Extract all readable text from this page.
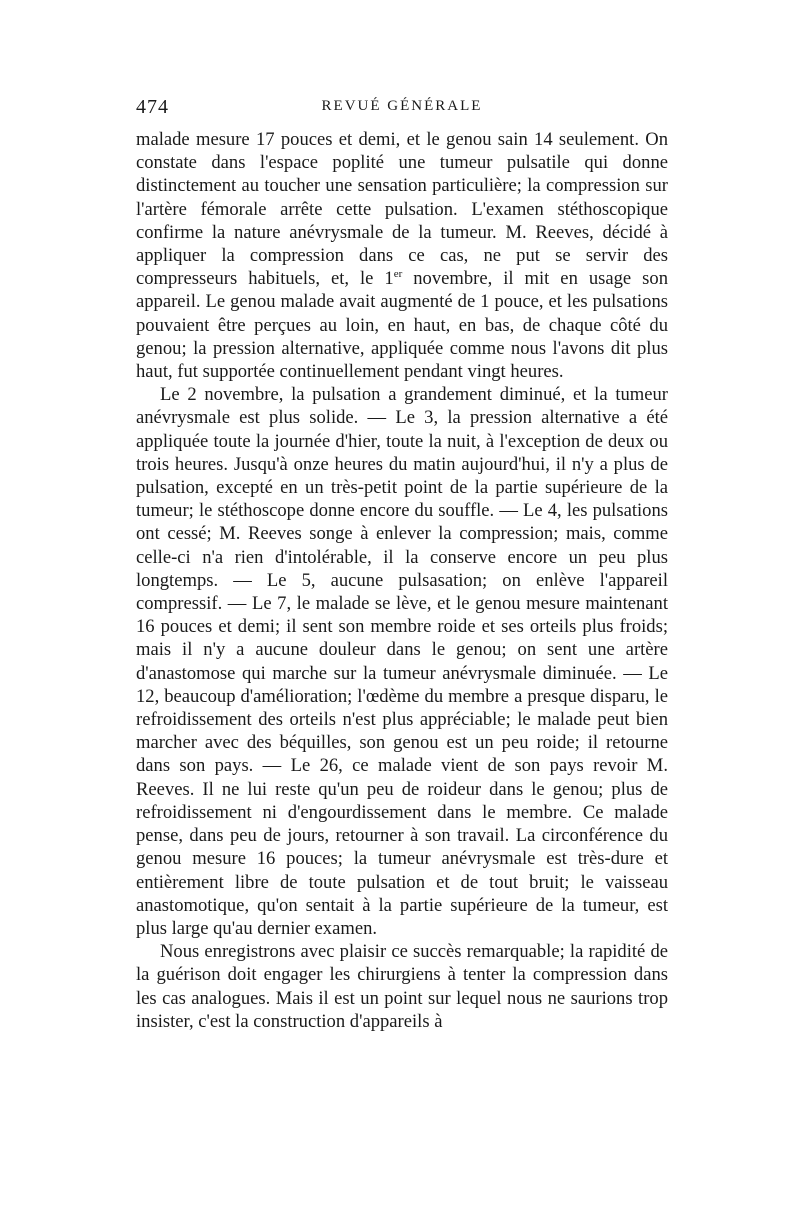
474	REVUÉ GÉNÉRALE

malade mesure 17 pouces et demi, et le genou sain 14 seulement. On constate dans l'espace poplité une tumeur pulsatile qui donne distinctement au toucher une sensation particulière; la compression sur l'artère fémorale arrête cette pulsation. L'examen stéthoscopique confirme la nature anévrysmale de la tumeur. M. Reeves, décidé à appliquer la compression dans ce cas, ne put se servir des compresseurs habituels, et, le 1er novembre, il mit en usage son appareil. Le genou malade avait augmenté de 1 pouce, et les pulsations pouvaient être perçues au loin, en haut, en bas, de chaque côté du genou; la pression alternative, appliquée comme nous l'avons dit plus haut, fut supportée continuellement pendant vingt heures.

Le 2 novembre, la pulsation a grandement diminué, et la tumeur anévrysmale est plus solide. — Le 3, la pression alternative a été appliquée toute la journée d'hier, toute la nuit, à l'exception de deux ou trois heures. Jusqu'à onze heures du matin aujourd'hui, il n'y a plus de pulsation, excepté en un très-petit point de la partie supérieure de la tumeur; le stéthoscope donne encore du souffle. — Le 4, les pulsations ont cessé; M. Reeves songe à enlever la compression; mais, comme celle-ci n'a rien d'intolérable, il la conserve encore un peu plus longtemps. — Le 5, aucune pulsasation; on enlève l'appareil compressif. — Le 7, le malade se lève, et le genou mesure maintenant 16 pouces et demi; il sent son membre roide et ses orteils plus froids; mais il n'y a aucune douleur dans le genou; on sent une artère d'anastomose qui marche sur la tumeur anévrysmale diminuée. — Le 12, beaucoup d'amélioration; l'œdème du membre a presque disparu, le refroidissement des orteils n'est plus appréciable; le malade peut bien marcher avec des béquilles, son genou est un peu roide; il retourne dans son pays. — Le 26, ce malade vient de son pays revoir M. Reeves. Il ne lui reste qu'un peu de roideur dans le genou; plus de refroidissement ni d'engourdissement dans le membre. Ce malade pense, dans peu de jours, retourner à son travail. La circonférence du genou mesure 16 pouces; la tumeur anévrysmale est très-dure et entièrement libre de toute pulsation et de tout bruit; le vaisseau anastomotique, qu'on sentait à la partie supérieure de la tumeur, est plus large qu'au dernier examen.

Nous enregistrons avec plaisir ce succès remarquable; la rapidité de la guérison doit engager les chirurgiens à tenter la compression dans les cas analogues. Mais il est un point sur lequel nous ne saurions trop insister, c'est la construction d'appareils à
